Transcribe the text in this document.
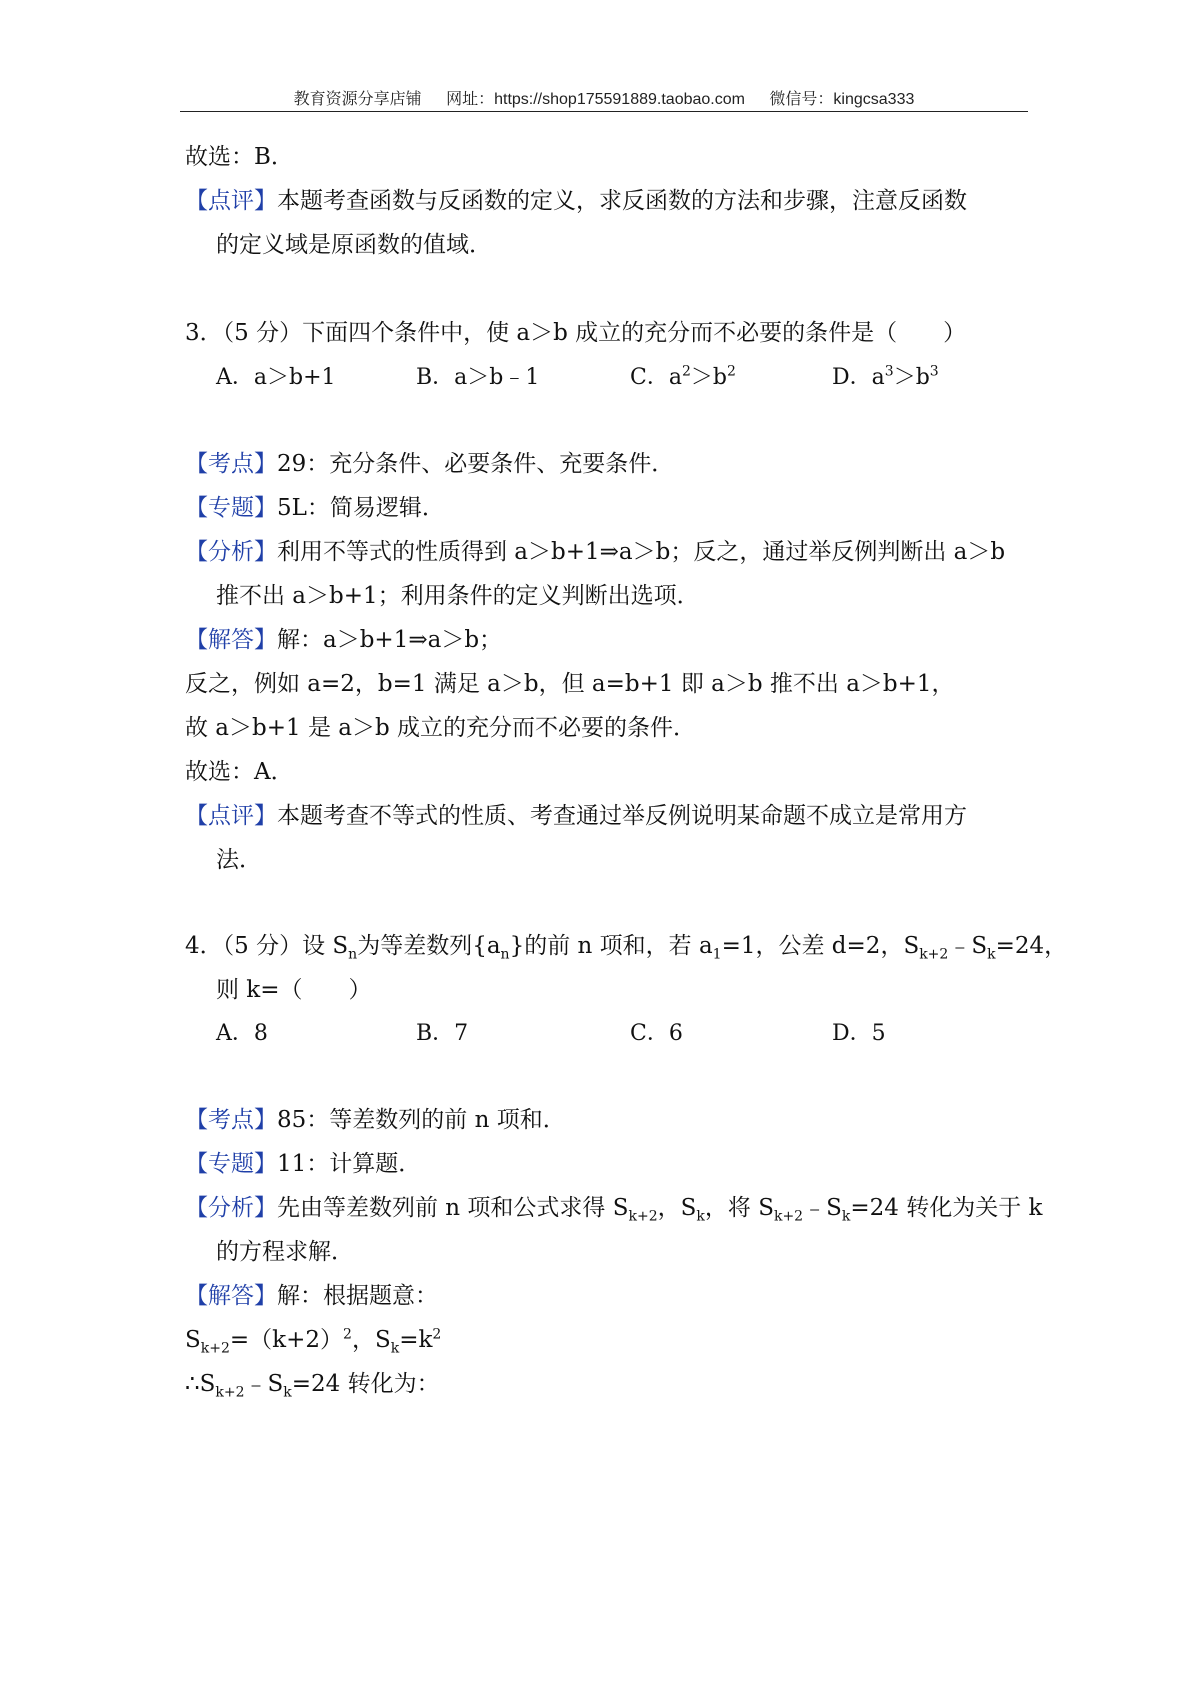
教育资源分享店铺 网址：https://shop175591889.taobao.com 微信号：kingcsa333
故选：B．
【点评】本题考查函数与反函数的定义，求反函数的方法和步骤，注意反函数
的定义域是原函数的值域．
3．（5 分）下面四个条件中，使 a＞b 成立的充分而不必要的条件是（　　）
A．a＞b+1	B．a＞b﹣1	C．$a^2>b^2$	D．$a^3>b^3$
【考点】29：充分条件、必要条件、充要条件．
【专题】5L：简易逻辑．
【分析】利用不等式的性质得到 a＞b+1⇒a＞b；反之，通过举反例判断出 a＞b
推不出 a＞b+1；利用条件的定义判断出选项．
【解答】解：a＞b+1⇒a＞b；
反之，例如 a=2，b=1 满足 a＞b，但 a=b+1 即 a＞b 推不出 a＞b+1，
故 a＞b+1 是 a＞b 成立的充分而不必要的条件．
故选：A．
【点评】本题考查不等式的性质、考查通过举反例说明某命题不成立是常用方
法．
4．（5 分）设 $S_n$为等差数列$\{a_n\}$的前 n 项和，若 $a_1=1$，公差 d=2，$S_{k+2}﹣S_k=24$，
则 k=（　　）
A．8	B．7	C．6	D．5
【考点】85：等差数列的前 n 项和．
【专题】11：计算题．
【分析】先由等差数列前 n 项和公式求得 $S_{k+2}$，$S_k$，将 $S_{k+2}﹣S_k=24$ 转化为关于 k
的方程求解．
【解答】解：根据题意：
$S_{k+2}=(k+2)^2$，$S_k=k^2$
$\therefore S_{k+2}﹣S_k=24$ 转化为：
